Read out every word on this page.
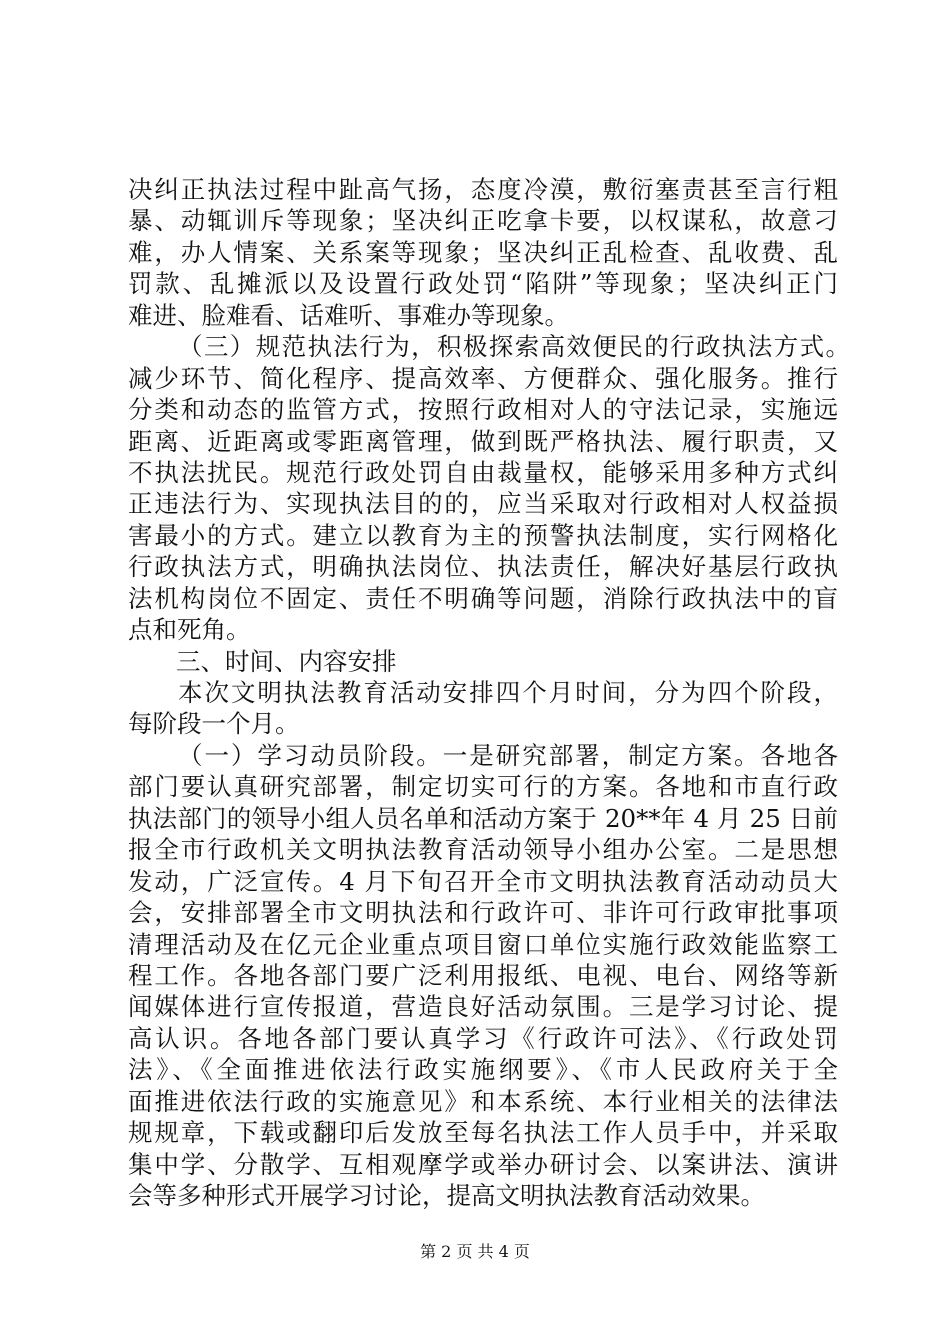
决纠正执法过程中趾高气扬，态度冷漠，敷衍塞责甚至言行粗
暴、动辄训斥等现象；坚决纠正吃拿卡要，以权谋私，故意刁
难，办人情案、关系案等现象；坚决纠正乱检查、乱收费、乱
罚款、乱摊派以及设置行政处罚“陷阱”等现象；坚决纠正门
难进、脸难看、话难听、事难办等现象。
（三）规范执法行为，积极探索高效便民的行政执法方式。
减少环节、简化程序、提高效率、方便群众、强化服务。推行
分类和动态的监管方式，按照行政相对人的守法记录，实施远
距离、近距离或零距离管理，做到既严格执法、履行职责，又
不执法扰民。规范行政处罚自由裁量权，能够采用多种方式纠
正违法行为、实现执法目的的，应当采取对行政相对人权益损
害最小的方式。建立以教育为主的预警执法制度，实行网格化
行政执法方式，明确执法岗位、执法责任，解决好基层行政执
法机构岗位不固定、责任不明确等问题，消除行政执法中的盲
点和死角。
三、时间、内容安排
本次文明执法教育活动安排四个月时间，分为四个阶段，
每阶段一个月。
（一）学习动员阶段。一是研究部署，制定方案。各地各
部门要认真研究部署，制定切实可行的方案。各地和市直行政
执法部门的领导小组人员名单和活动方案于 20**年 4 月 25 日前
报全市行政机关文明执法教育活动领导小组办公室。二是思想
发动，广泛宣传。4 月下旬召开全市文明执法教育活动动员大
会，安排部署全市文明执法和行政许可、非许可行政审批事项
清理活动及在亿元企业重点项目窗口单位实施行政效能监察工
程工作。各地各部门要广泛利用报纸、电视、电台、网络等新
闻媒体进行宣传报道，营造良好活动氛围。三是学习讨论、提
高认识。各地各部门要认真学习《行政许可法》、《行政处罚
法》、《全面推进依法行政实施纲要》、《市人民政府关于全
第 2 页 共 4 页
面推进依法行政的实施意见》和本系统、本行业相关的法律法
规规章，下载或翻印后发放至每名执法工作人员手中，并采取
集中学、分散学、互相观摩学或举办研讨会、以案讲法、演讲
会等多种形式开展学习讨论，提高文明执法教育活动效果。
